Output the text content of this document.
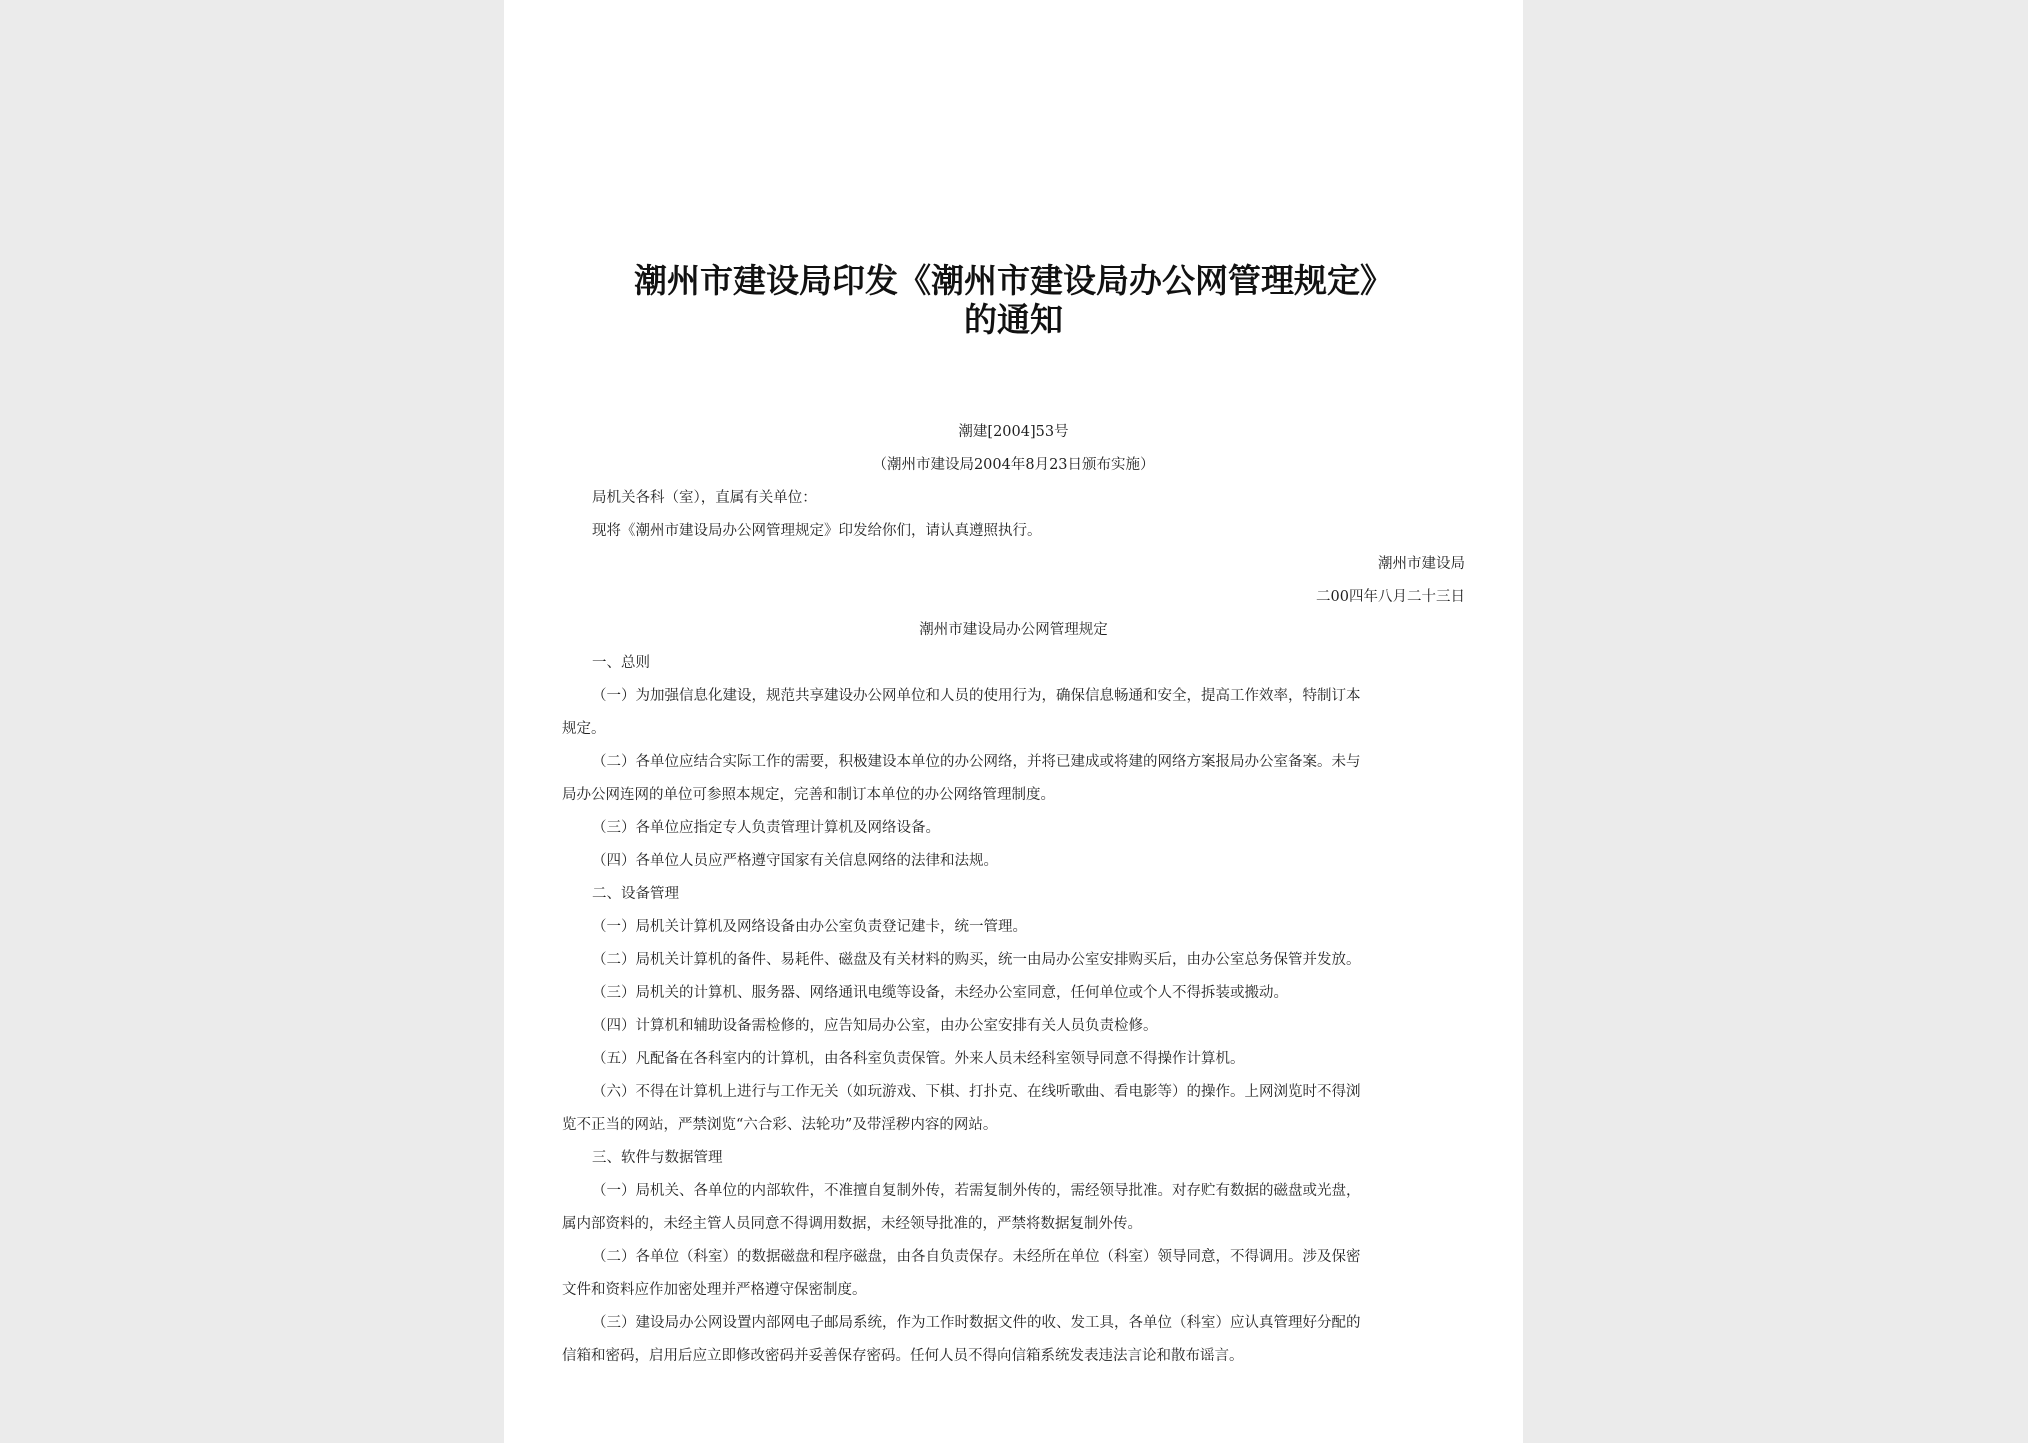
潮州市建设局印发《潮州市建设局办公网管理规定》
的通知
潮建[2004]53号
（潮州市建设局2004年8月23日颁布实施）
局机关各科（室），直属有关单位：
现将《潮州市建设局办公网管理规定》印发给你们，请认真遵照执行。
潮州市建设局
二00四年八月二十三日
潮州市建设局办公网管理规定
一、总则
（一）为加强信息化建设，规范共享建设办公网单位和人员的使用行为，确保信息畅通和安全，提高工作效率，特制订本
规定。
（二）各单位应结合实际工作的需要，积极建设本单位的办公网络，并将已建成或将建的网络方案报局办公室备案。未与
局办公网连网的单位可参照本规定，完善和制订本单位的办公网络管理制度。
（三）各单位应指定专人负责管理计算机及网络设备。
（四）各单位人员应严格遵守国家有关信息网络的法律和法规。
二、设备管理
（一）局机关计算机及网络设备由办公室负责登记建卡，统一管理。
（二）局机关计算机的备件、易耗件、磁盘及有关材料的购买，统一由局办公室安排购买后，由办公室总务保管并发放。
（三）局机关的计算机、服务器、网络通讯电缆等设备，未经办公室同意，任何单位或个人不得拆装或搬动。
（四）计算机和辅助设备需检修的，应告知局办公室，由办公室安排有关人员负责检修。
（五）凡配备在各科室内的计算机，由各科室负责保管。外来人员未经科室领导同意不得操作计算机。
（六）不得在计算机上进行与工作无关（如玩游戏、下棋、打扑克、在线听歌曲、看电影等）的操作。上网浏览时不得浏
览不正当的网站，严禁浏览“六合彩、法轮功”及带淫秽内容的网站。
三、软件与数据管理
（一）局机关、各单位的内部软件，不准擅自复制外传，若需复制外传的，需经领导批准。对存贮有数据的磁盘或光盘，
属内部资料的，未经主管人员同意不得调用数据，未经领导批准的，严禁将数据复制外传。
（二）各单位（科室）的数据磁盘和程序磁盘，由各自负责保存。未经所在单位（科室）领导同意，不得调用。涉及保密
文件和资料应作加密处理并严格遵守保密制度。
（三）建设局办公网设置内部网电子邮局系统，作为工作时数据文件的收、发工具，各单位（科室）应认真管理好分配的
信箱和密码，启用后应立即修改密码并妥善保存密码。任何人员不得向信箱系统发表违法言论和散布谣言。
